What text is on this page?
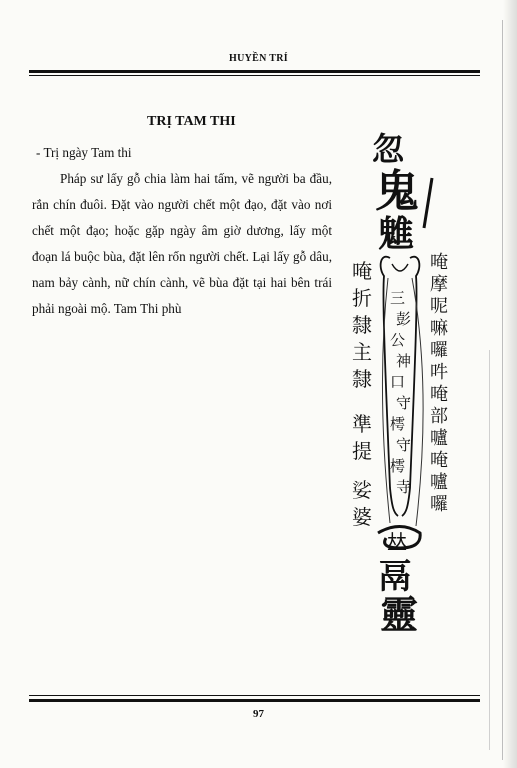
HUYỀN TRÍ
TRỊ TAM THI

- Trị ngày Tam thi

Pháp sư lấy gỗ chia làm hai tấm, vẽ người ba đầu, rắn chín đuôi. Đặt vào người chết một đạo, đặt vào nơi chết một đạo; hoặc gặp ngày âm giờ dương, lấy một đoạn lá buộc bùa, đặt lên rốn người chết. Lại lấy gỗ dâu, nam bảy cành, nữ chín cành, vẽ bùa đặt tại hai bên trái phải ngoài mộ. Tam Thi phù

忽
鬼
魋
唵
折
隸
主
隸
準
提
娑
婆
唵
摩
呢
嘛
囉
吽
唵
部
嚧
唵
嚧
囉
三
彭
公
神
口
守
樗
守
樗
寺
𠀤
鬲
靈
97
